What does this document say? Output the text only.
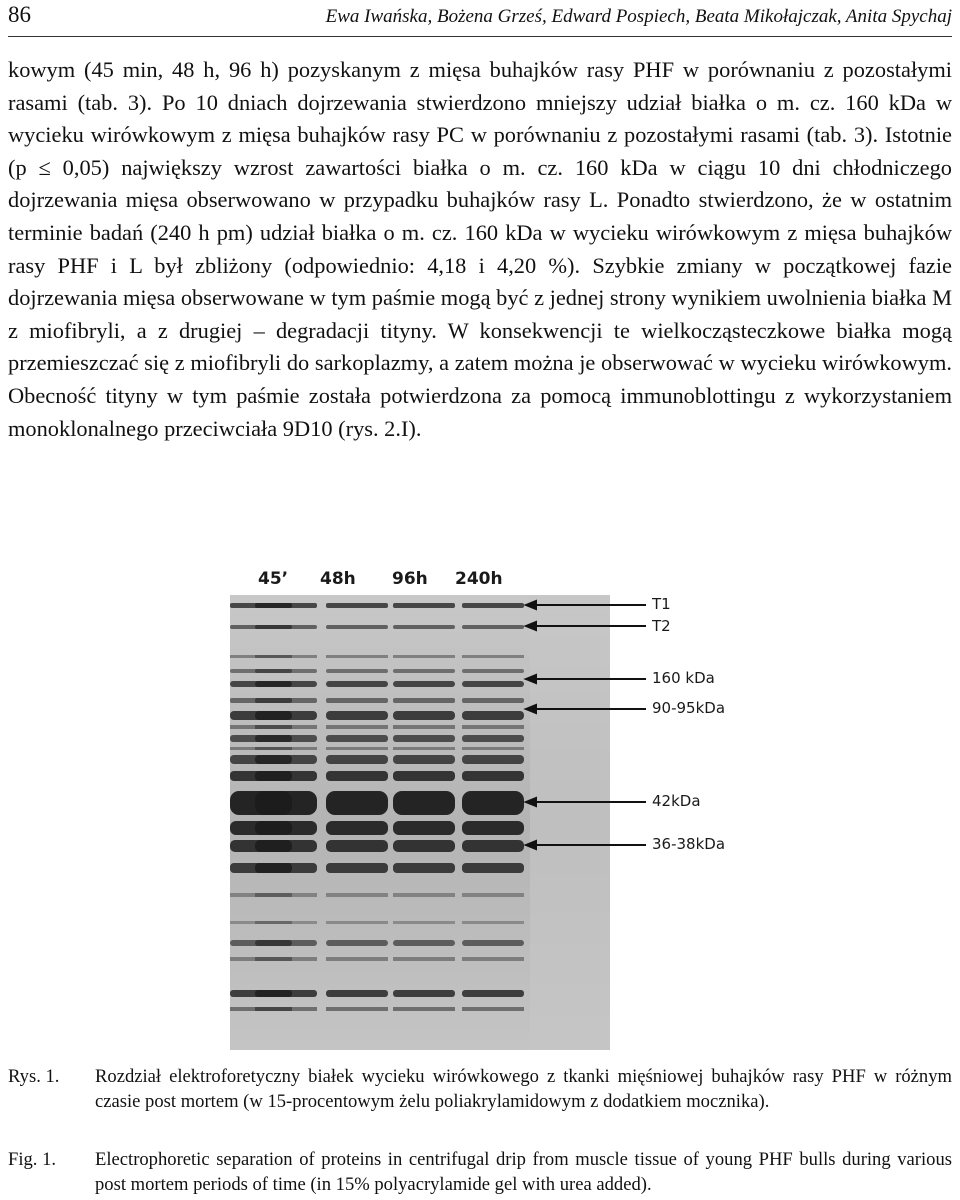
86	Ewa Iwańska, Bożena Grześ, Edward Pospiech, Beata Mikołajczak, Anita Spychaj

kowym (45 min, 48 h, 96 h) pozyskanym z mięsa buhajków rasy PHF w porównaniu z pozostałymi rasami (tab. 3). Po 10 dniach dojrzewania stwierdzono mniejszy udział białka o m. cz. 160 kDa w wycieku wirówkowym z mięsa buhajków rasy PC w porównaniu z pozostałymi rasami (tab. 3). Istotnie (p ≤ 0,05) największy wzrost zawartości białka o m. cz. 160 kDa w ciągu 10 dni chłodniczego dojrzewania mięsa obserwowano w przypadku buhajków rasy L. Ponadto stwierdzono, że w ostatnim terminie badań (240 h pm) udział białka o m. cz. 160 kDa w wycieku wirówkowym z mięsa buhajków rasy PHF i L był zbliżony (odpowiednio: 4,18 i 4,20 %). Szybkie zmiany w początkowej fazie dojrzewania mięsa obserwowane w tym paśmie mogą być z jednej strony wynikiem uwolnienia białka M z miofibryli, a z drugiej – degradacji tityny. W konsekwencji te wielkocząsteczkowe białka mogą przemieszczać się z miofibryli do sarkoplazmy, a zatem można je obserwować w wycieku wirówkowym. Obecność tityny w tym paśmie została potwierdzona za pomocą immunoblottingu z wykorzystaniem monoklonalnego przeciwciała 9D10 (rys. 2.I).

45’ 48h 96h 240h
T1
T2
160 kDa
90-95kDa
42kDa
36-38kDa
Rys. 1. Rozdział elektroforetyczny białek wycieku wirówkowego z tkanki mięśniowej buhajków rasy PHF w różnym czasie post mortem (w 15-procentowym żelu poliakrylamidowym z dodatkiem mocznika).
Fig. 1. Electrophoretic separation of proteins in centrifugal drip from muscle tissue of young PHF bulls during various post mortem periods of time (in 15% polyacrylamide gel with urea added).
